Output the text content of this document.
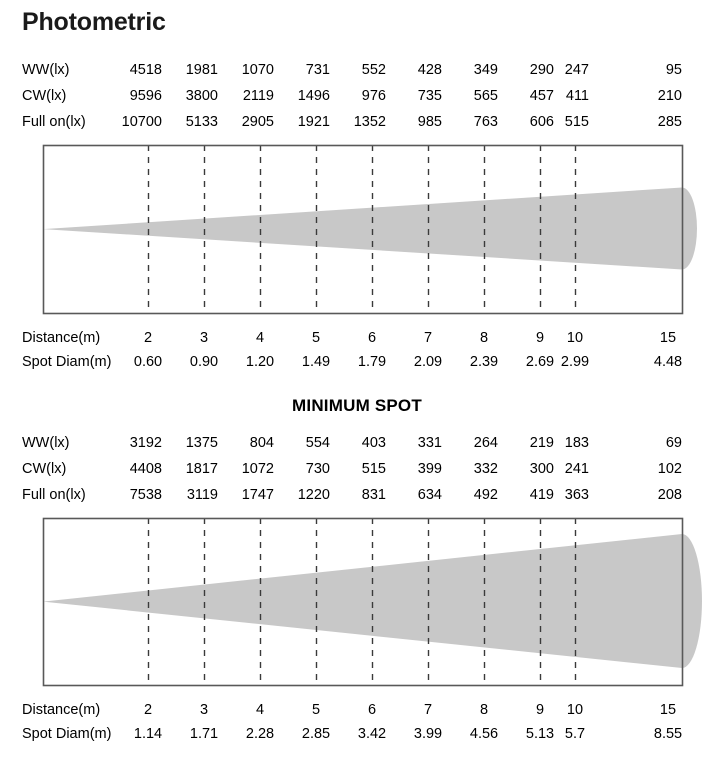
Photometric
WW(lx)	4518	1981	1070	731	552	428	349	290 247	95
CW(lx)	9596	3800	2119	1496	976	735	565	457 411	210
Full on(lx)	10700	5133	2905	1921	1352	985	763	606 515	285
Distance(m)	2	3	4	5	6	7	8	9	10	15
Spot Diam(m)	0.60	0.90	1.20	1.49	1.79	2.09	2.39	2.69 2.99	4.48
MINIMUM SPOT
WW(lx)	3192	1375	804	554	403	331	264	219 183	69
CW(lx)	4408	1817	1072	730	515	399	332	300 241	102
Full on(lx)	7538	3119	1747	1220	831	634	492	419 363	208
Distance(m)	2	3	4	5	6	7	8	9	10	15
Spot Diam(m)	1.14	1.71	2.28	2.85	3.42	3.99	4.56	5.13 5.7	8.55
